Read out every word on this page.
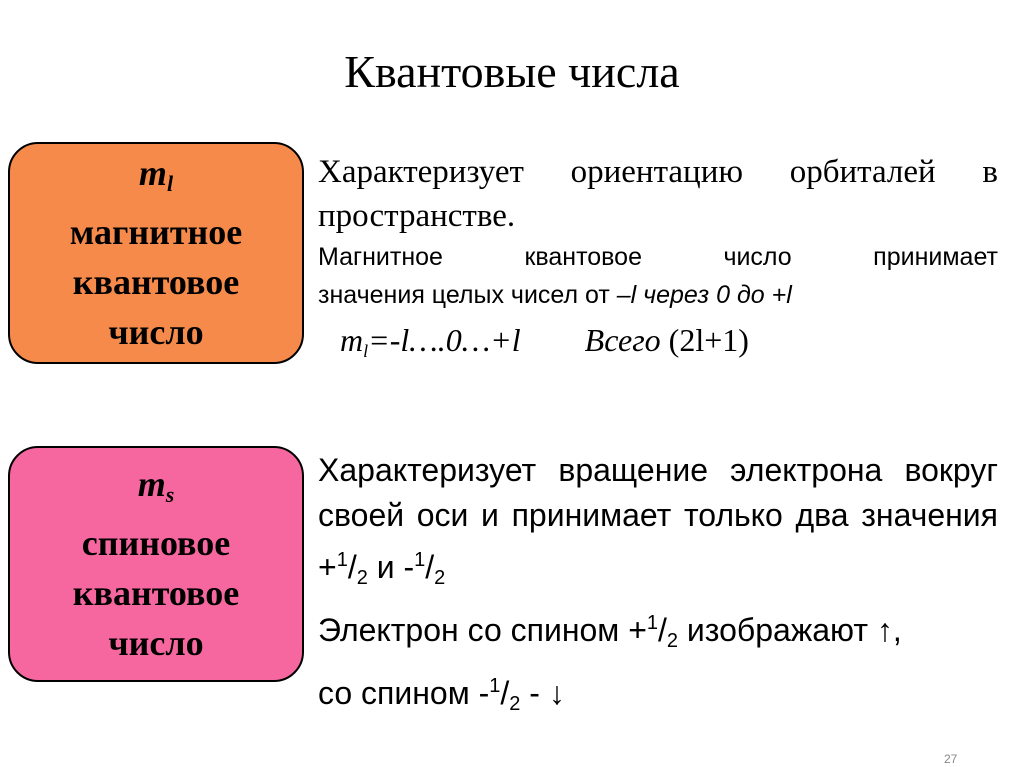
Квантовые числа
$m_l$
магнитное
квантовое
число
Характеризует ориентацию орбиталей в пространстве.
Магнитное	квантовое	число	принимает
значения целых чисел от –l через 0 до +l
$m_l=-l\dots.0\dots+l$ Всего (2l+1)
$m_s$
спиновое
квантовое
число
Характеризует вращение электрона вокруг своей оси и принимает только два значения $+^1/_2$ и $-^1/_2$
Электрон со спином $+^1/_2$ изображают ↑,
со спином $-^1/_2$ - ↓
27
